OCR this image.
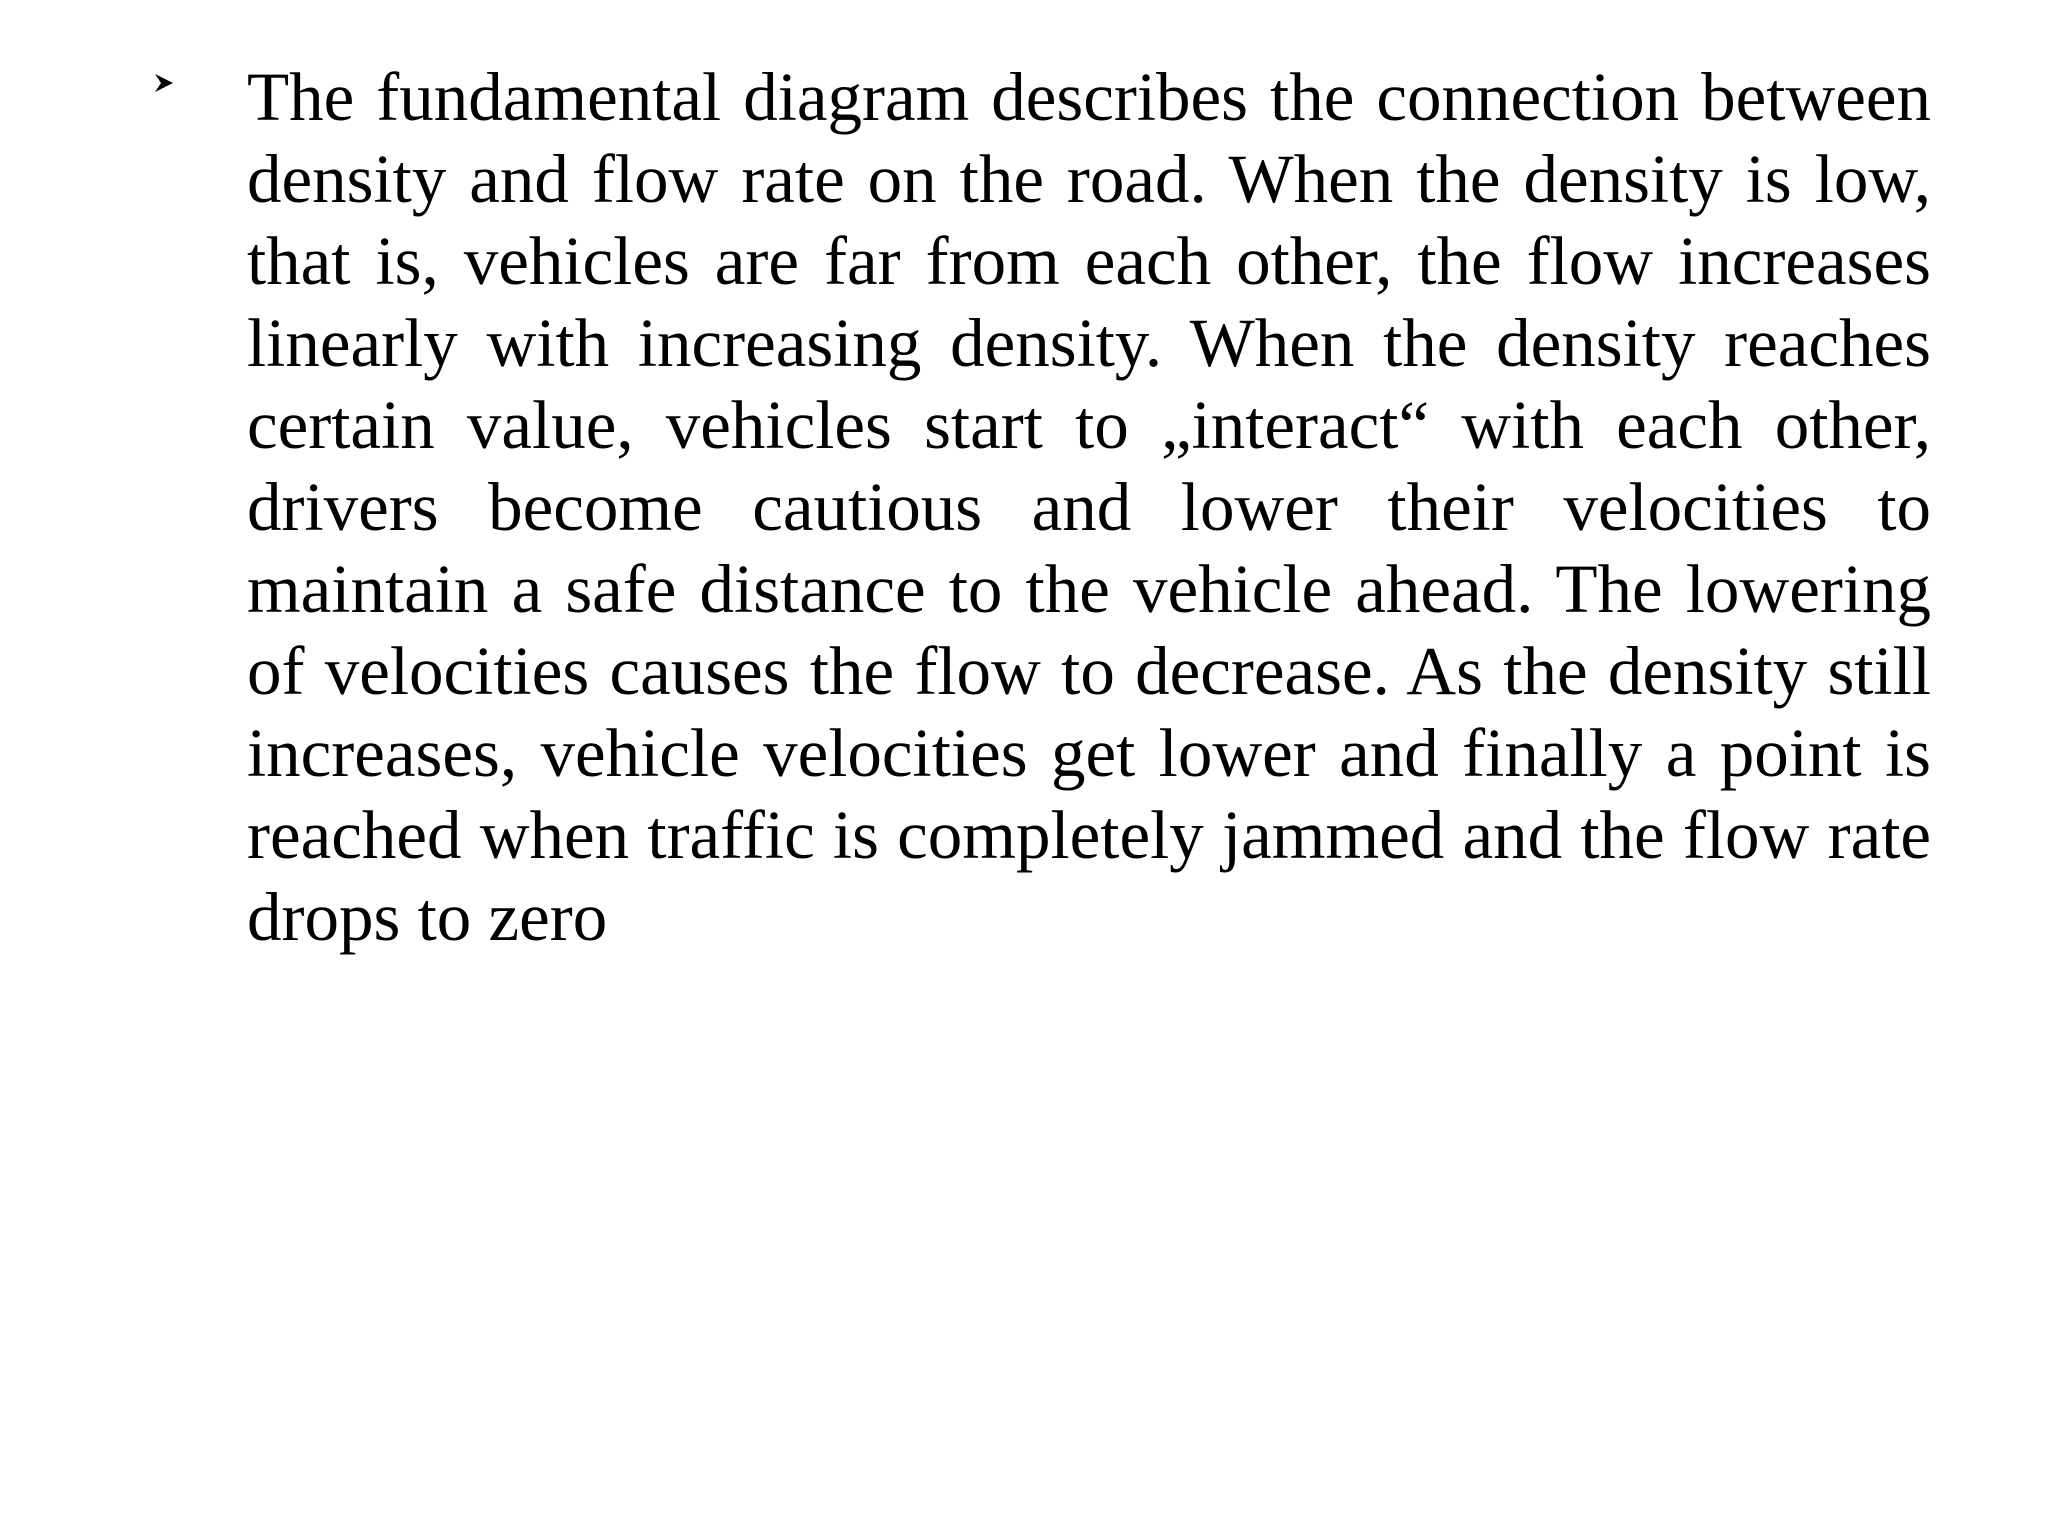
The fundamental diagram describes the connection between density and flow rate on the road. When the density is low, that is, vehicles are far from each other, the flow increases linearly with increasing density. When the density reaches certain value, vehicles start to „interact“ with each other, drivers become cautious and lower their velocities to maintain a safe distance to the vehicle ahead. The lowering of velocities causes the flow to decrease. As the density still increases, vehicle velocities get lower and finally a point is reached when traffic is completely jammed and the flow rate drops to zero
